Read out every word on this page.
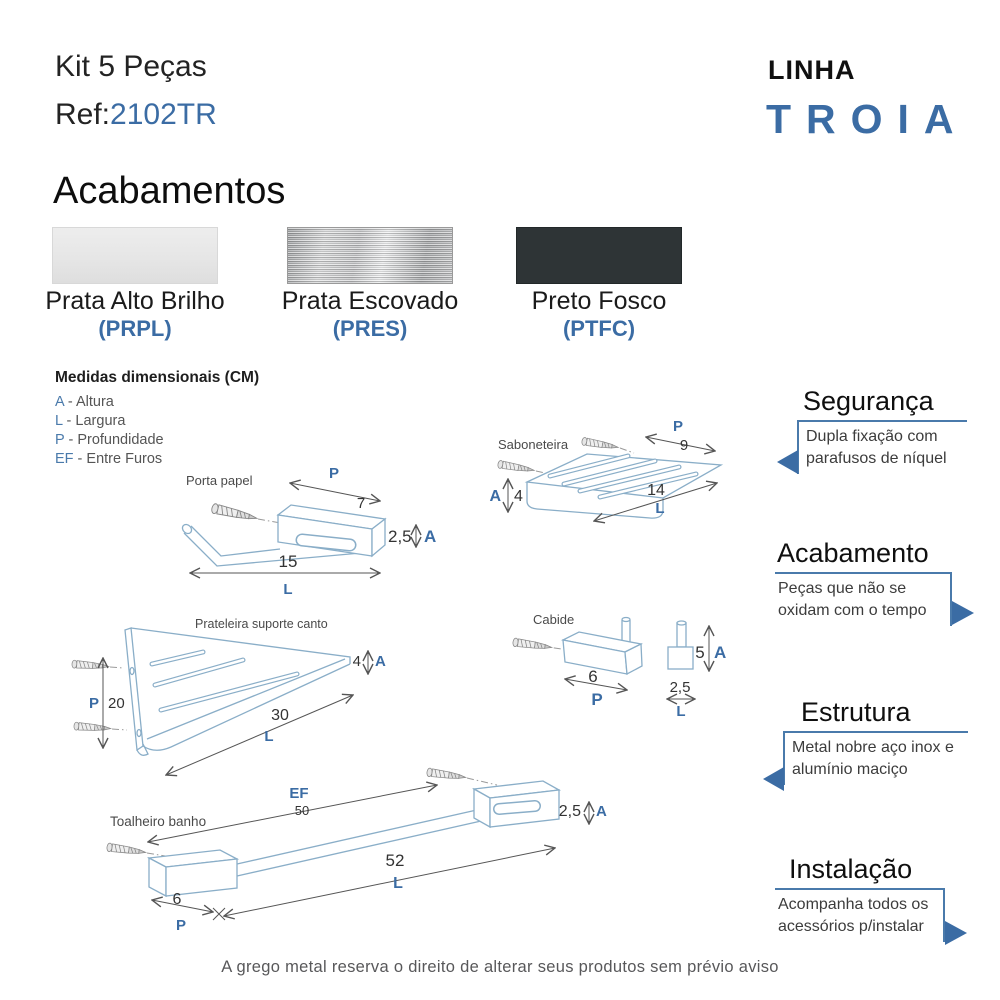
Kit 5 Peças
Ref:2102TR
LINHA
TROIA
Acabamentos
Prata Alto Brilho	Prata Escovado	Preto Fosco
(PRPL)	(PRES)	(PTFC)
Medidas dimensionais (CM)
A - Altura
L - Largura
P - Profundidade
EF - Entre Furos
Porta papel	P
7
2,5 A
15
L
Saboneteira
P
9
A 4	14
L
Prateleira suporte canto
P 20
4 A
30
L
Cabide
6
P
5 A
2,5
L
Toalheiro banho
EF
50	2,5 A
52
L
6
P
Segurança
Dupla fixação com parafusos de níquel
Acabamento
Peças que não se oxidam com o tempo
Estrutura
Metal nobre aço inox e alumínio maciço
Instalação
Acompanha todos os acessórios p/instalar
A grego metal reserva o direito de alterar seus produtos sem prévio aviso
